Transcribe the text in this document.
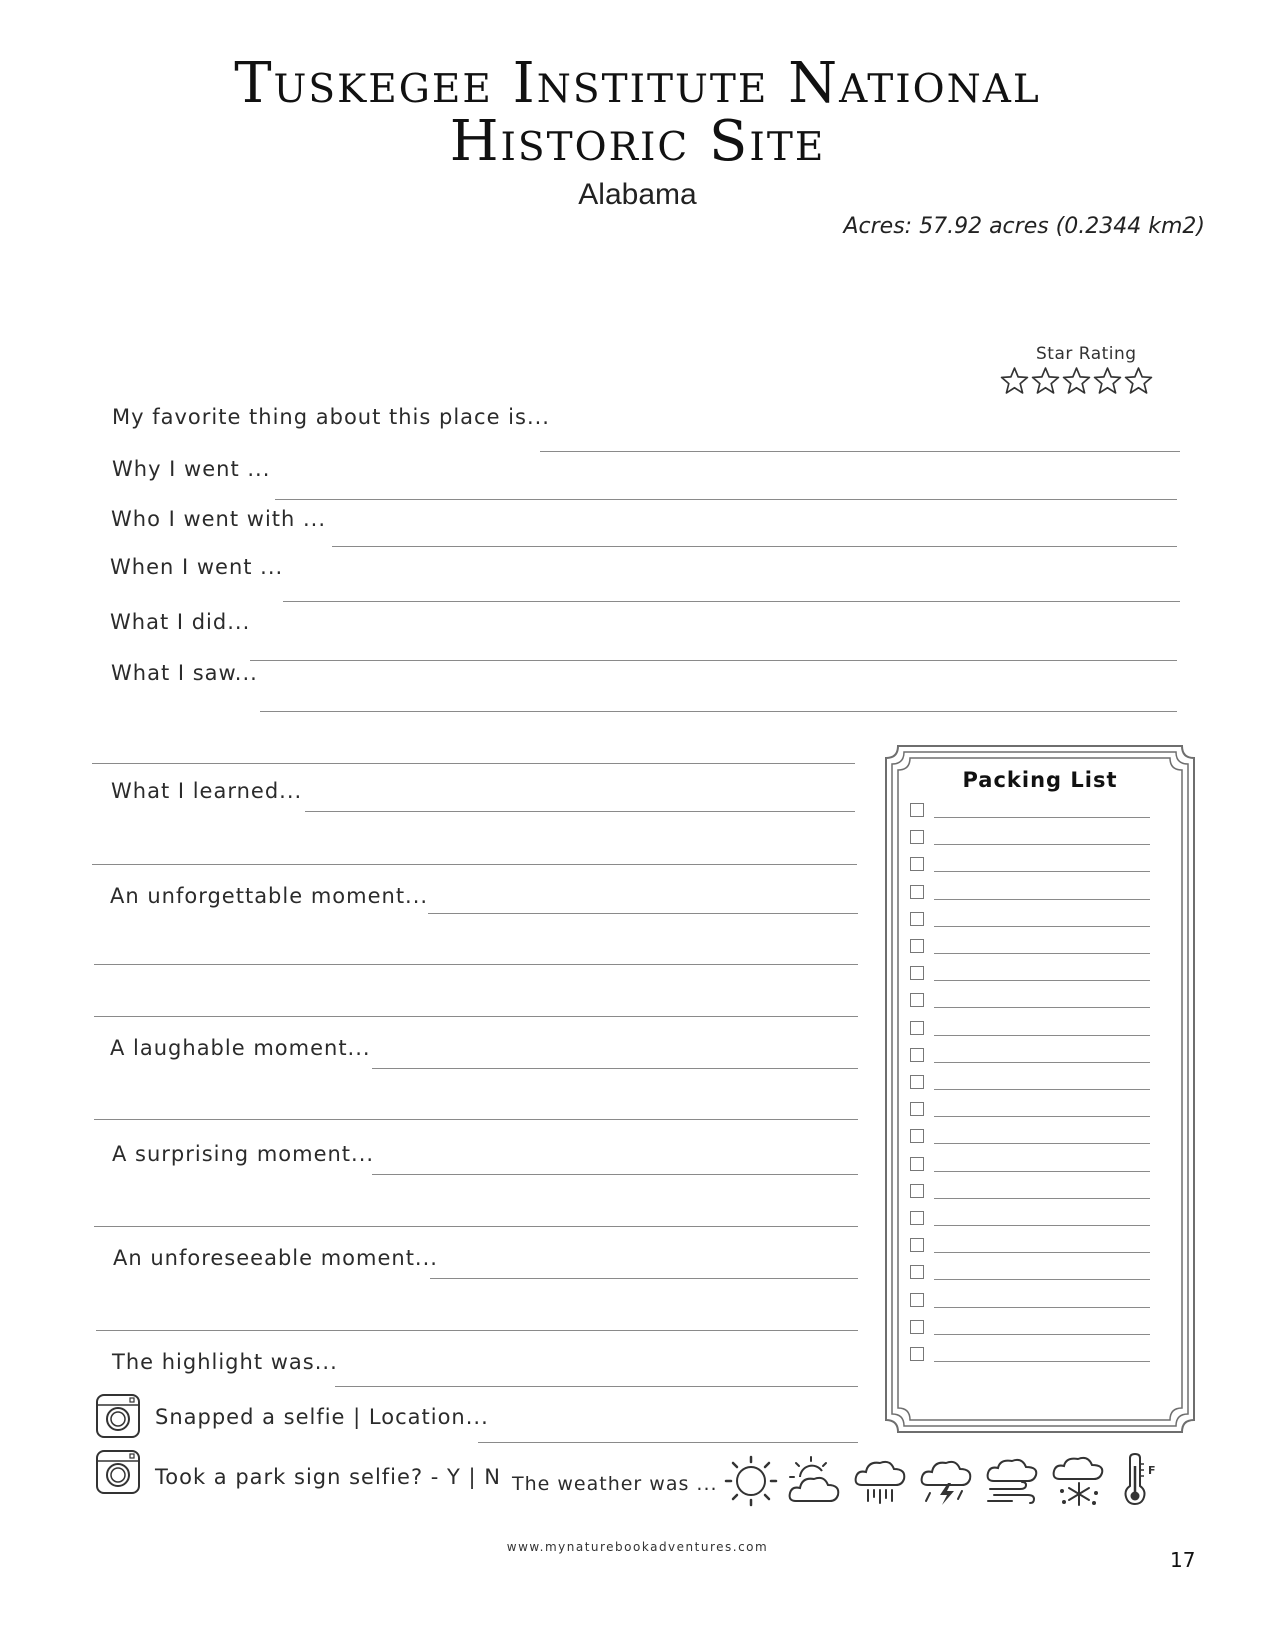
Tuskegee Institute National
Historic Site
Alabama
Acres: 57.92 acres (0.2344 km2)
Star Rating
My favorite thing about this place is...
Why I went ...
Who I went with ...
When I went ...
What I did...
What I saw...
What I learned...
An unforgettable moment...
A laughable moment...
A surprising moment...
An unforeseeable moment...
The highlight was...
Snapped a selfie | Location...
Took a park sign selfie? - Y | N The weather was ...
F
Packing List
www.mynaturebookadventures.com
17
